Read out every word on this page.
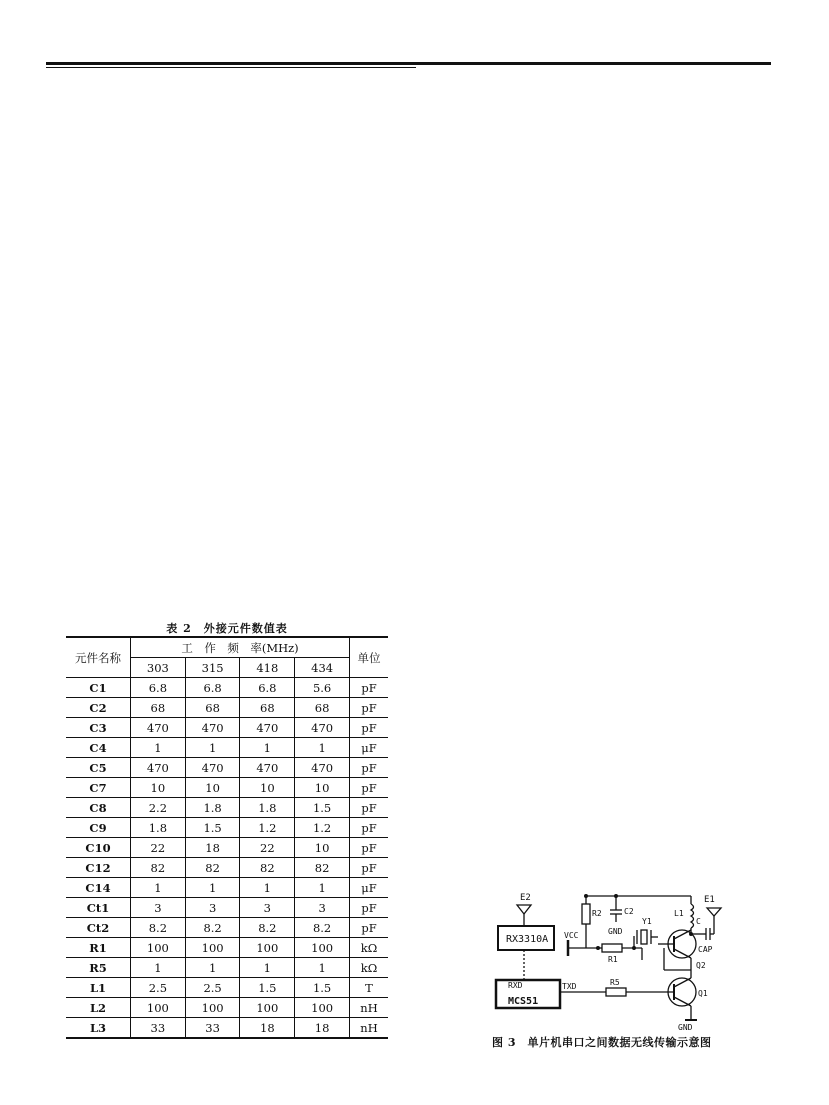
表 2　外接元件数值表
元件名称	工　作　频　率(MHz)				单位
	303	315	418	434	
C1	6.8	6.8	6.8	5.6	pF
C2	68	68	68	68	pF
C3	470	470	470	470	pF
C4	1	1	1	1	μF
C5	470	470	470	470	pF
C7	10	10	10	10	pF
C8	2.2	1.8	1.8	1.5	pF
C9	1.8	1.5	1.2	1.2	pF
C10	22	18	22	10	pF
C12	82	82	82	82	pF
C14	1	1	1	1	μF
Ct1	3	3	3	3	pF
Ct2	8.2	8.2	8.2	8.2	pF
R1	100	100	100	100	kΩ
R5	1	1	1	1	kΩ
L1	2.5	2.5	1.5	1.5	T
L2	100	100	100	100	nH
L3	33	33	18	18	nH
E2	E1
RX3310A
RXD
MCS51
VCC
TXD
R1
R2
R5
C2
GND
Y1
L1
C
CAP
Q2
Q1
GND
图 3　单片机串口之间数据无线传输示意图
